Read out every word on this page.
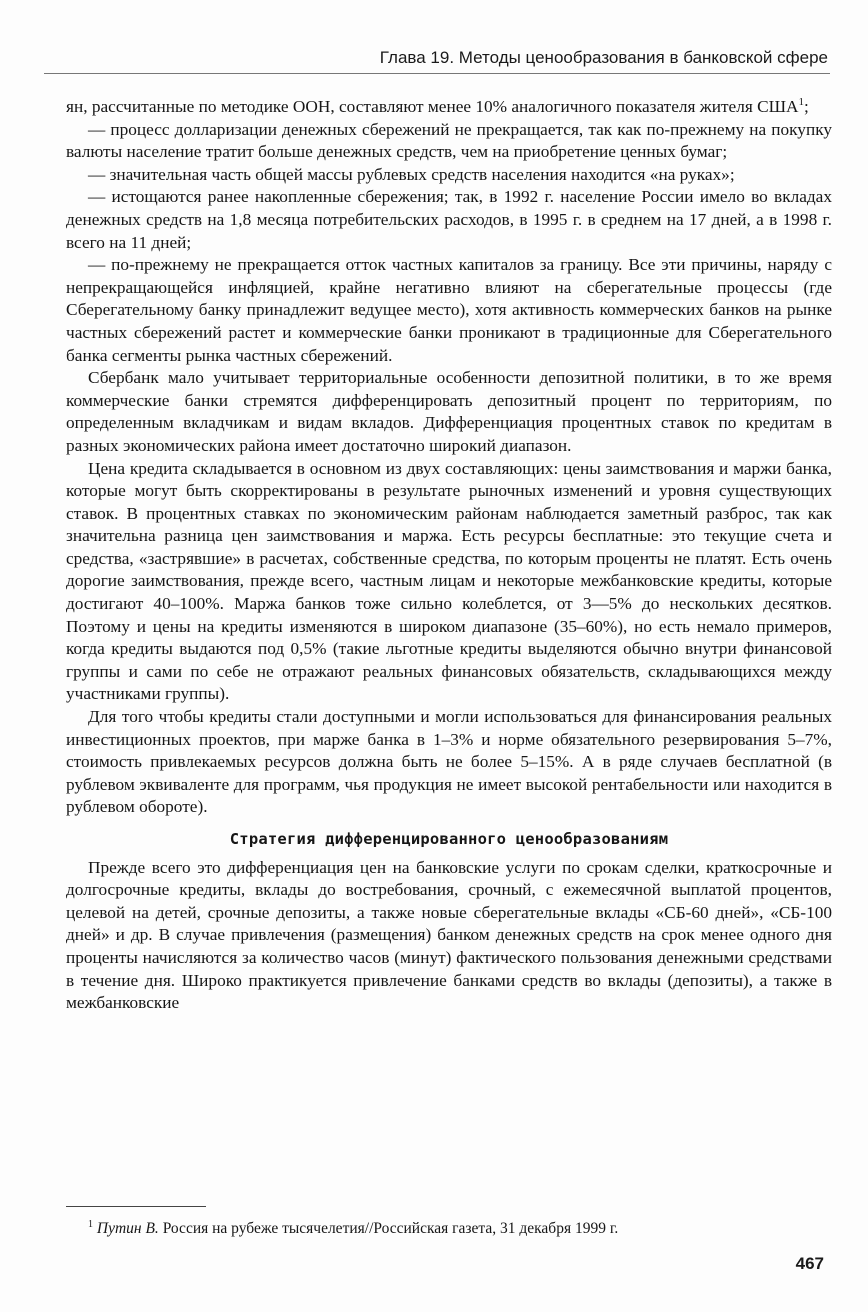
Глава 19. Методы ценообразования в банковской сфере

ян, рассчитанные по методике ООН, составляют менее 10% аналогичного показателя жителя США$^1$;

— процесс долларизации денежных сбережений не прекращается, так как по-прежнему на покупку валюты население тратит больше денежных средств, чем на приобретение ценных бумаг;

— значительная часть общей массы рублевых средств населения находится «на руках»;

— истощаются ранее накопленные сбережения; так, в 1992 г. население России имело во вкладах денежных средств на 1,8 месяца потребительских расходов, в 1995 г. в среднем на 17 дней, а в 1998 г. всего на 11 дней;

— по-прежнему не прекращается отток частных капиталов за границу. Все эти причины, наряду с непрекращающейся инфляцией, крайне негативно влияют на сберегательные процессы (где Сберегательному банку принадлежит ведущее место), хотя активность коммерческих банков на рынке частных сбережений растет и коммерческие банки проникают в традиционные для Сберегательного банка сегменты рынка частных сбережений.

Сбербанк мало учитывает территориальные особенности депозитной политики, в то же время коммерческие банки стремятся дифференцировать депозитный процент по территориям, по определенным вкладчикам и видам вкладов. Дифференциация процентных ставок по кредитам в разных экономических района имеет достаточно широкий диапазон.

Цена кредита складывается в основном из двух составляющих: цены заимствования и маржи банка, которые могут быть скорректированы в результате рыночных изменений и уровня существующих ставок. В процентных ставках по экономическим районам наблюдается заметный разброс, так как значительна разница цен заимствования и маржа. Есть ресурсы бесплатные: это текущие счета и средства, «застрявшие» в расчетах, собственные средства, по которым проценты не платят. Есть очень дорогие заимствования, прежде всего, частным лицам и некоторые межбанковские кредиты, которые достигают 40–100%. Маржа банков тоже сильно колеблется, от 3—5% до нескольких десятков. Поэтому и цены на кредиты изменяются в широком диапазоне (35–60%), но есть немало примеров, когда кредиты выдаются под 0,5% (такие льготные кредиты выделяются обычно внутри финансовой группы и сами по себе не отражают реальных финансовых обязательств, складывающихся между участниками группы).

Для того чтобы кредиты стали доступными и могли использоваться для финансирования реальных инвестиционных проектов, при марже банка в 1–3% и норме обязательного резервирования 5–7%, стоимость привлекаемых ресурсов должна быть не более 5–15%. А в ряде случаев бесплатной (в рублевом эквиваленте для программ, чья продукция не имеет высокой рентабельности или находится в рублевом обороте).

Стратегия дифференцированного ценообразованиям

Прежде всего это дифференциация цен на банковские услуги по срокам сделки, краткосрочные и долгосрочные кредиты, вклады до востребования, срочный, с ежемесячной выплатой процентов, целевой на детей, срочные депозиты, а также новые сберегательные вклады «СБ-60 дней», «СБ-100 дней» и др. В случае привлечения (размещения) банком денежных средств на срок менее одного дня проценты начисляются за количество часов (минут) фактического пользования денежными средствами в течение дня. Широко практикуется привлечение банками средств во вклады (депозиты), а также в межбанковские

$^1$ Путин В. Россия на рубеже тысячелетия//Российская газета, 31 декабря 1999 г.
467
